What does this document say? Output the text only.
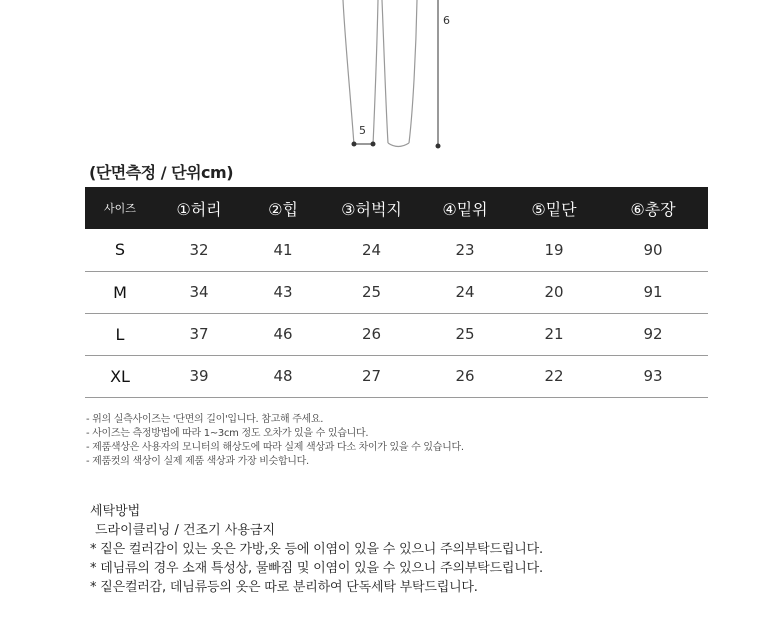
6
5
(단면측정 / 단위cm)
사이즈	①허리	②힙	③허벅지	④밑위	⑤밑단	⑥총장
S	32	41	24	23	19	90
M	34	43	25	24	20	91
L	37	46	26	25	21	92
XL	39	48	27	26	22	93
- 위의 실측사이즈는 '단면의 길이'입니다. 참고해 주세요.
- 사이즈는 측정방법에 따라 1~3cm 정도 오차가 있을 수 있습니다.
- 제품색상은 사용자의 모니터의 해상도에 따라 실제 색상과 다소 차이가 있을 수 있습니다.
- 제품컷의 색상이 실제 제품 색상과 가장 비슷합니다.
세탁방법
드라이클리닝 / 건조기 사용금지
* 짙은 컬러감이 있는 옷은 가방,옷 등에 이염이 있을 수 있으니 주의부탁드립니다.
* 데님류의 경우 소재 특성상, 물빠짐 및 이염이 있을 수 있으니 주의부탁드립니다.
* 짙은컬러감, 데님류등의 옷은 따로 분리하여 단독세탁 부탁드립니다.
